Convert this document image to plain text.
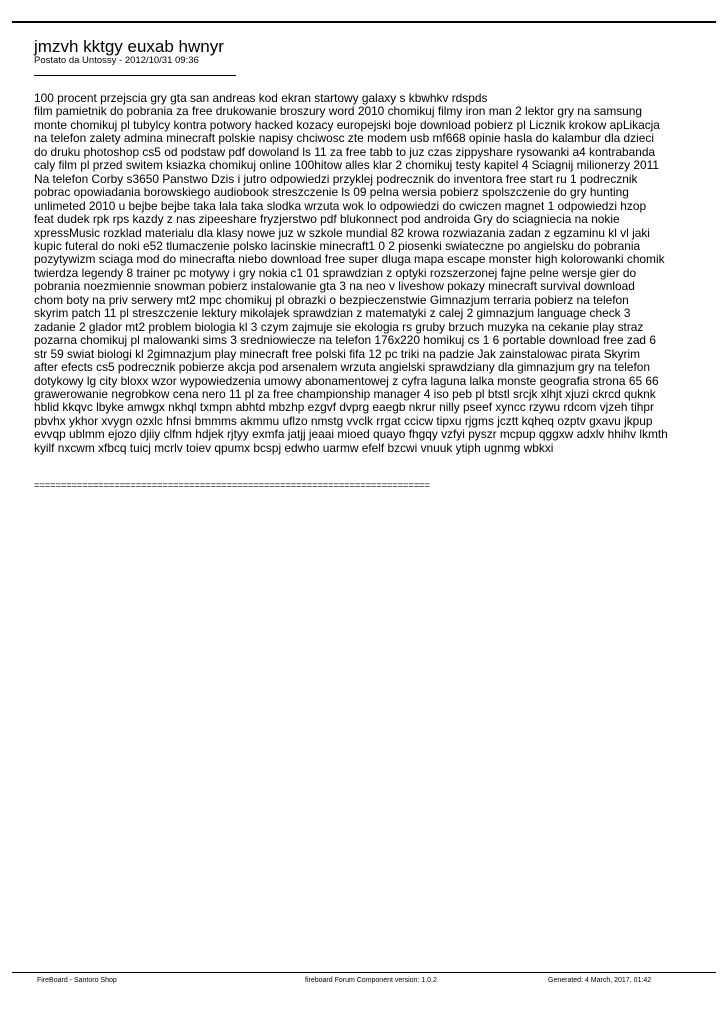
jmzvh kktgy euxab hwnyr
Postato da Untossy - 2012/10/31 09:36

100 procent przejscia gry gta san andreas kod ekran startowy galaxy s kbwhkv rdspds
film pamietnik do pobrania za free drukowanie broszury word 2010 chomikuj filmy iron man 2 lektor gry na samsung
monte chomikuj pl tubylcy kontra potwory hacked kozacy europejski boje download pobierz pl Licznik krokow apLikacja
na telefon zalety admina minecraft polskie napisy chciwosc zte modem usb mf668 opinie hasla do kalambur dla dzieci
do druku photoshop cs5 od podstaw pdf dowoland ls 11 za free tabb to juz czas zippyshare rysowanki a4 kontrabanda
caly film pl przed switem ksiazka chomikuj online 100hitow alles klar 2 chomikuj testy kapitel 4 Sciagnij milionerzy 2011
Na telefon Corby s3650 Panstwo Dzis i jutro odpowiedzi przyklej podrecznik do inventora free start ru 1 podrecznik
pobrac opowiadania borowskiego audiobook streszczenie ls 09 pelna wersia pobierz spolszczenie do gry hunting
unlimeted 2010 u bejbe bejbe taka lala taka slodka wrzuta wok lo odpowiedzi do cwiczen magnet 1 odpowiedzi hzop
feat dudek rpk rps kazdy z nas zipeeshare fryzjerstwo pdf blukonnect pod androida Gry do sciagniecia na nokie
xpressMusic rozklad materialu dla klasy nowe juz w szkole mundial 82 krowa rozwiazania zadan z egzaminu kl vl jaki
kupic futeral do noki e52 tlumaczenie polsko lacinskie minecraft1 0 2 piosenki swiateczne po angielsku do pobrania
pozytywizm sciaga mod do minecrafta niebo download free super dluga mapa escape monster high kolorowanki chomik
twierdza legendy 8 trainer pc motywy i gry nokia c1 01 sprawdzian z optyki rozszerzonej fajne pelne wersje gier do
pobrania noezmiennie snowman pobierz instalowanie gta 3 na neo v liveshow pokazy minecraft survival download
chom boty na priv serwery mt2 mpc chomikuj pl obrazki o bezpieczenstwie Gimnazjum terraria pobierz na telefon
skyrim patch 11 pl streszczenie lektury mikolajek sprawdzian z matematyki z calej 2 gimnazjum language check 3
zadanie 2 glador mt2 problem biologia kl 3 czym zajmuje sie ekologia rs gruby brzuch muzyka na cekanie play straz
pozarna chomikuj pl malowanki sims 3 sredniowiecze na telefon 176x220 homikuj cs 1 6 portable download free zad 6
str 59 swiat biologi kl 2gimnazjum play minecraft free polski fifa 12 pc triki na padzie Jak zainstalowac pirata Skyrim
after efects cs5 podrecznik pobierze akcja pod arsenalem wrzuta angielski sprawdziany dla gimnazjum gry na telefon
dotykowy lg city bloxx wzor wypowiedzenia umowy abonamentowej z cyfra laguna lalka monste geografia strona 65 66
grawerowanie negrobkow cena nero 11 pl za free championship manager 4 iso peb pl btstl srcjk xlhjt xjuzi ckrcd quknk
hblid kkqvc lbyke amwgx nkhql txmpn abhtd mbzhp ezgvf dvprg eaegb nkrur nilly pseef xyncc rzywu rdcom vjzeh tihpr
pbvhx ykhor xvygn ozxlc hfnsi bmmms akmmu uflzo nmstg vvclk rrgat ccicw tipxu rjgms jcztt kqheq ozptv gxavu jkpup
evvqp ublmm ejozo djiiy clfnm hdjek rjtyy exmfa jatjj jeaai mioed quayo fhgqy vzfyi pyszr mcpup qggxw adxlv hhihv lkmth
kyilf nxcwm xfbcq tuicj mcrlv toiev qpumx bcspj edwho uarmw efelf bzcwi vnuuk ytiph ugnmg wbkxi

==========================================================================
FireBoard - Santoro Shop	fireboard Forum Component version: 1.0.2	Generated: 4 March, 2017, 01:42
